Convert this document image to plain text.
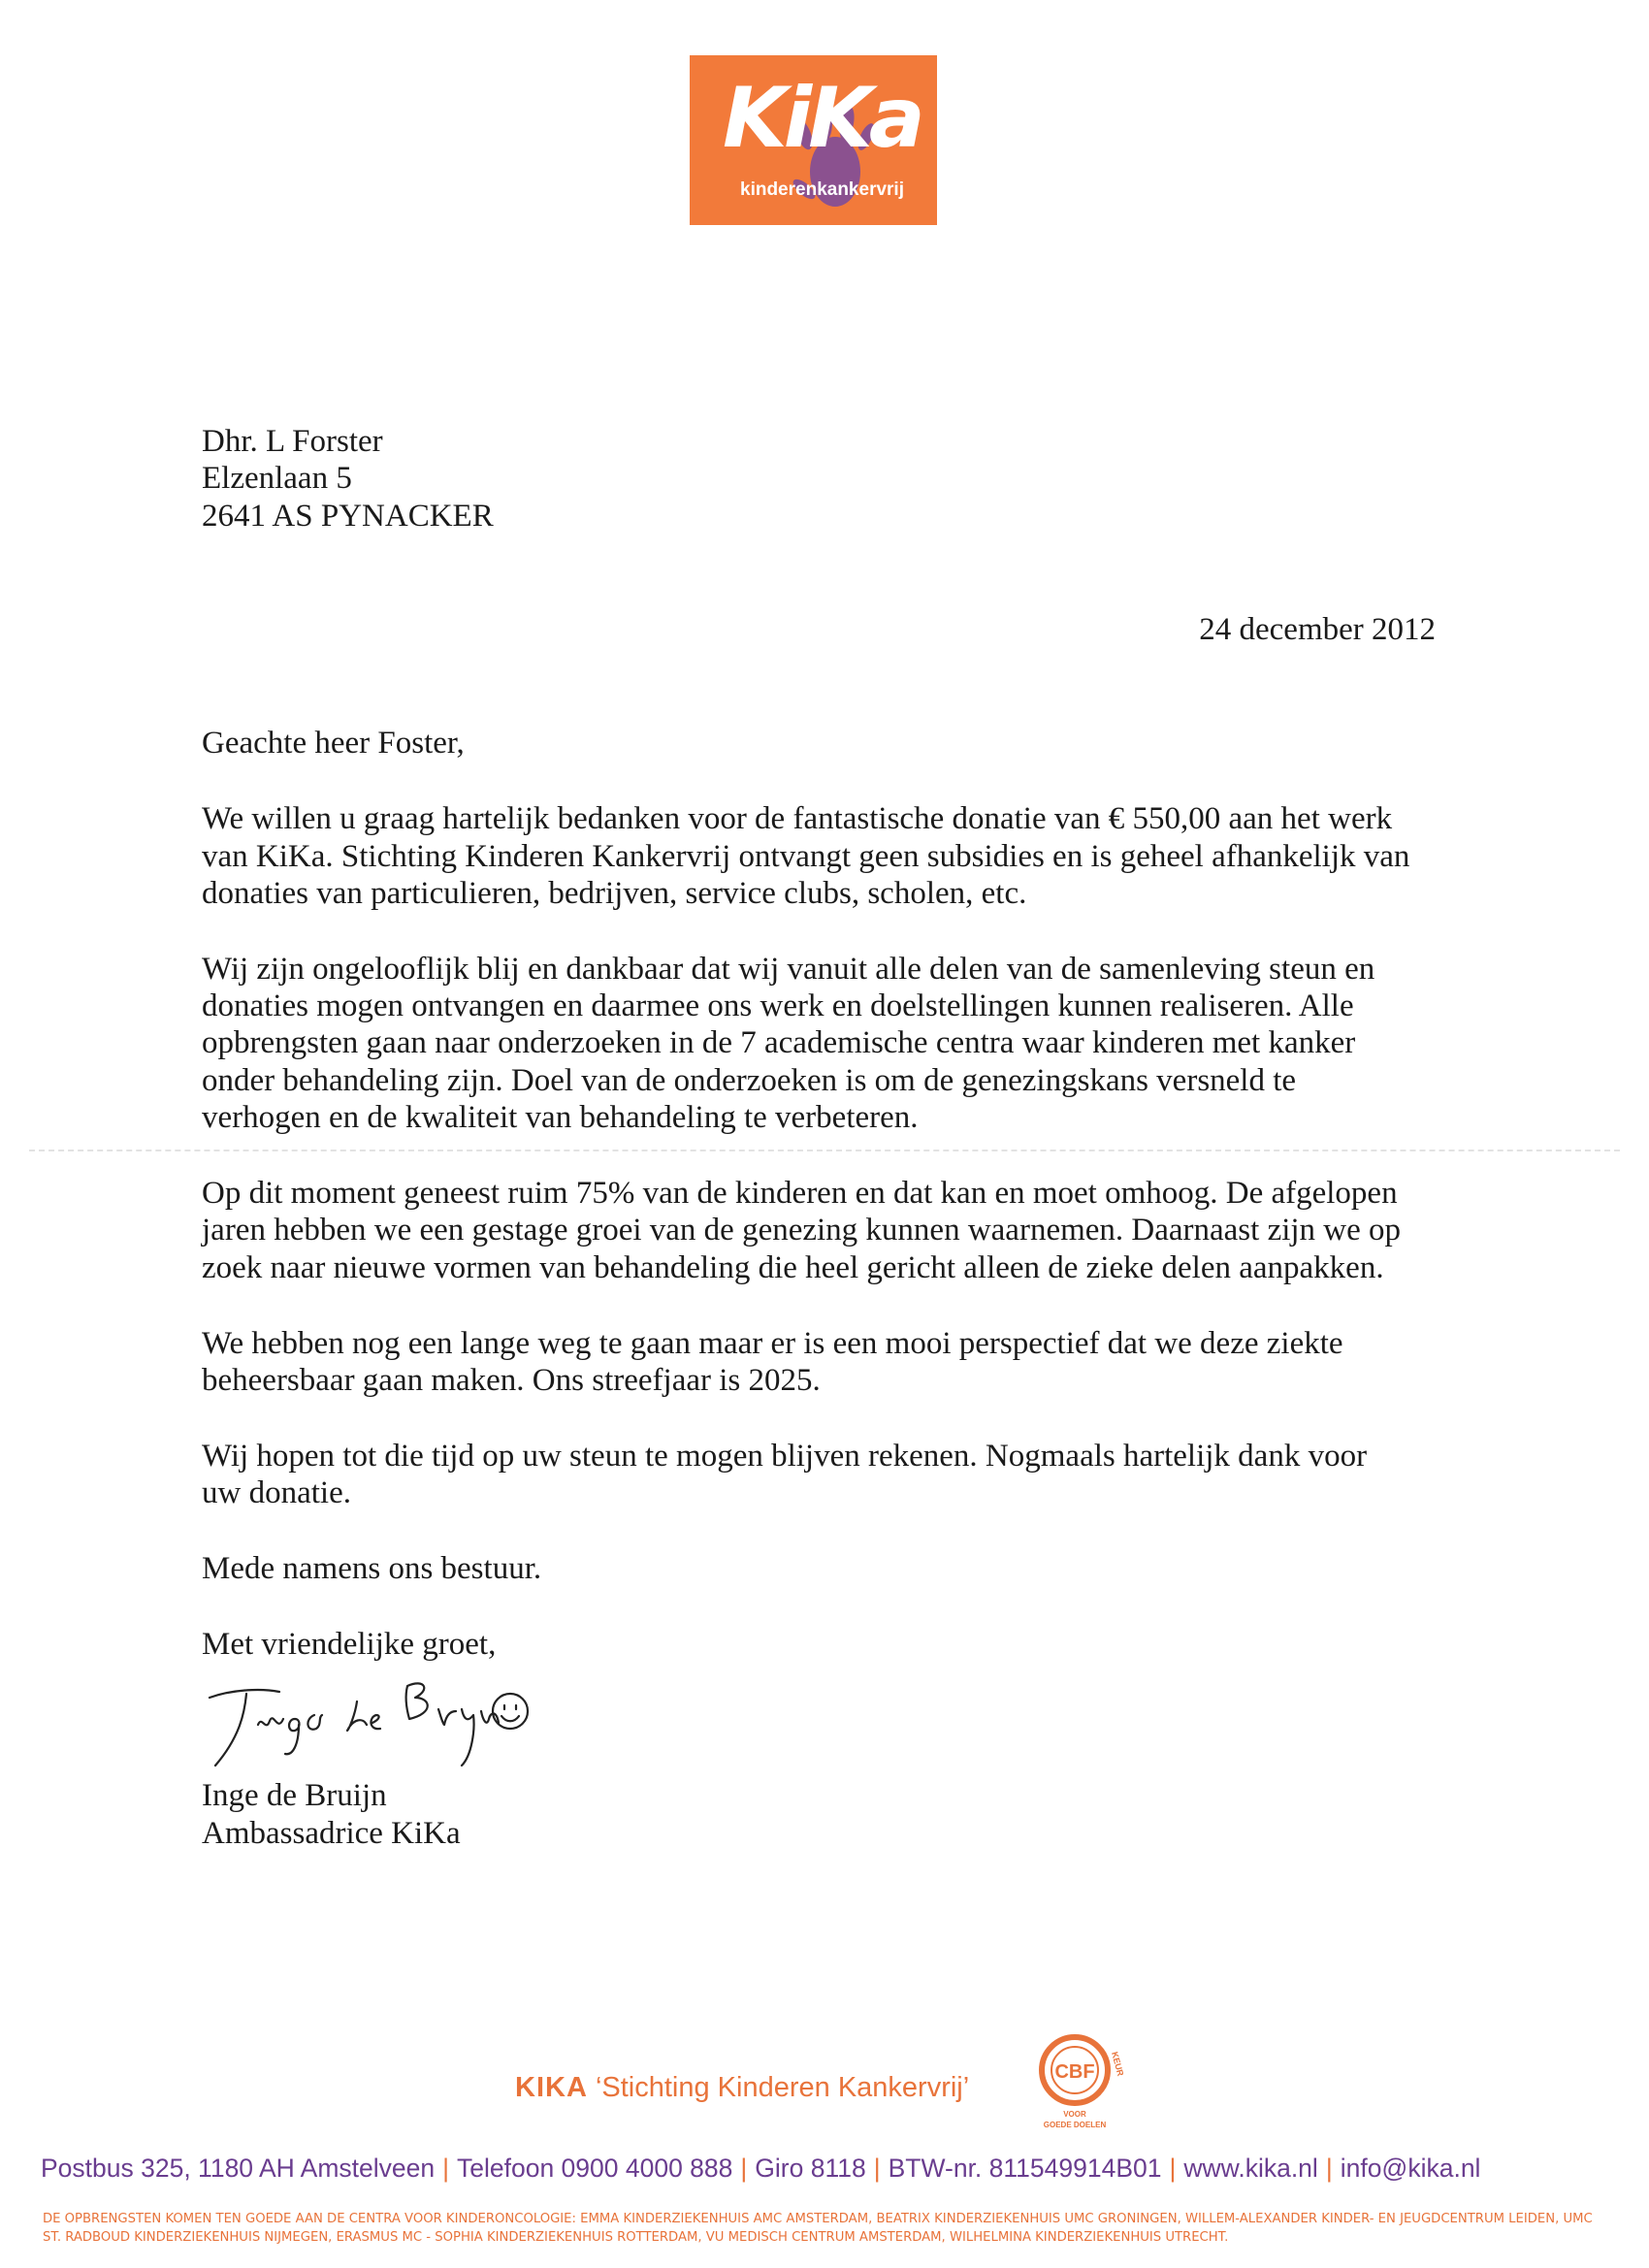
KiKa
kinderenkankervrij
Dhr. L Forster
Elzenlaan 5
2641 AS PYNACKER
24 december 2012
Geachte heer Foster,
We willen u graag hartelijk bedanken voor de fantastische donatie van € 550,00 aan het werk
van KiKa. Stichting Kinderen Kankervrij ontvangt geen subsidies en is geheel afhankelijk van
donaties van particulieren, bedrijven, service clubs, scholen, etc.
Wij zijn ongelooflijk blij en dankbaar dat wij vanuit alle delen van de samenleving steun en
donaties mogen ontvangen en daarmee ons werk en doelstellingen kunnen realiseren. Alle
opbrengsten gaan naar onderzoeken in de 7 academische centra waar kinderen met kanker
onder behandeling zijn. Doel van de onderzoeken is om de genezingskans versneld te
verhogen en de kwaliteit van behandeling te verbeteren.
Op dit moment geneest ruim 75% van de kinderen en dat kan en moet omhoog. De afgelopen
jaren hebben we een gestage groei van de genezing kunnen waarnemen. Daarnaast zijn we op
zoek naar nieuwe vormen van behandeling die heel gericht alleen de zieke delen aanpakken.
We hebben nog een lange weg te gaan maar er is een mooi perspectief dat we deze ziekte
beheersbaar gaan maken. Ons streefjaar is 2025.
Wij hopen tot die tijd op uw steun te mogen blijven rekenen. Nogmaals hartelijk dank voor
uw donatie.
Mede namens ons bestuur.
Met vriendelijke groet,
Inge de Bruijn
Ambassadrice KiKa
KIKA ‘Stichting Kinderen Kankervrij’	CBF KEUR
VOOR
GOEDE DOELEN
Postbus 325, 1180 AH Amstelveen | Telefoon 0900 4000 888 | Giro 8118 | BTW-nr. 811549914B01 | www.kika.nl | info@kika.nl
DE OPBRENGSTEN KOMEN TEN GOEDE AAN DE CENTRA VOOR KINDERONCOLOGIE: EMMA KINDERZIEKENHUIS AMC AMSTERDAM, BEATRIX KINDERZIEKENHUIS UMC GRONINGEN, WILLEM-ALEXANDER KINDER- EN JEUGDCENTRUM LEIDEN, UMC ST. RADBOUD KINDERZIEKENHUIS NIJMEGEN, ERASMUS MC - SOPHIA KINDERZIEKENHUIS ROTTERDAM, VU MEDISCH CENTRUM AMSTERDAM, WILHELMINA KINDERZIEKENHUIS UTRECHT.
